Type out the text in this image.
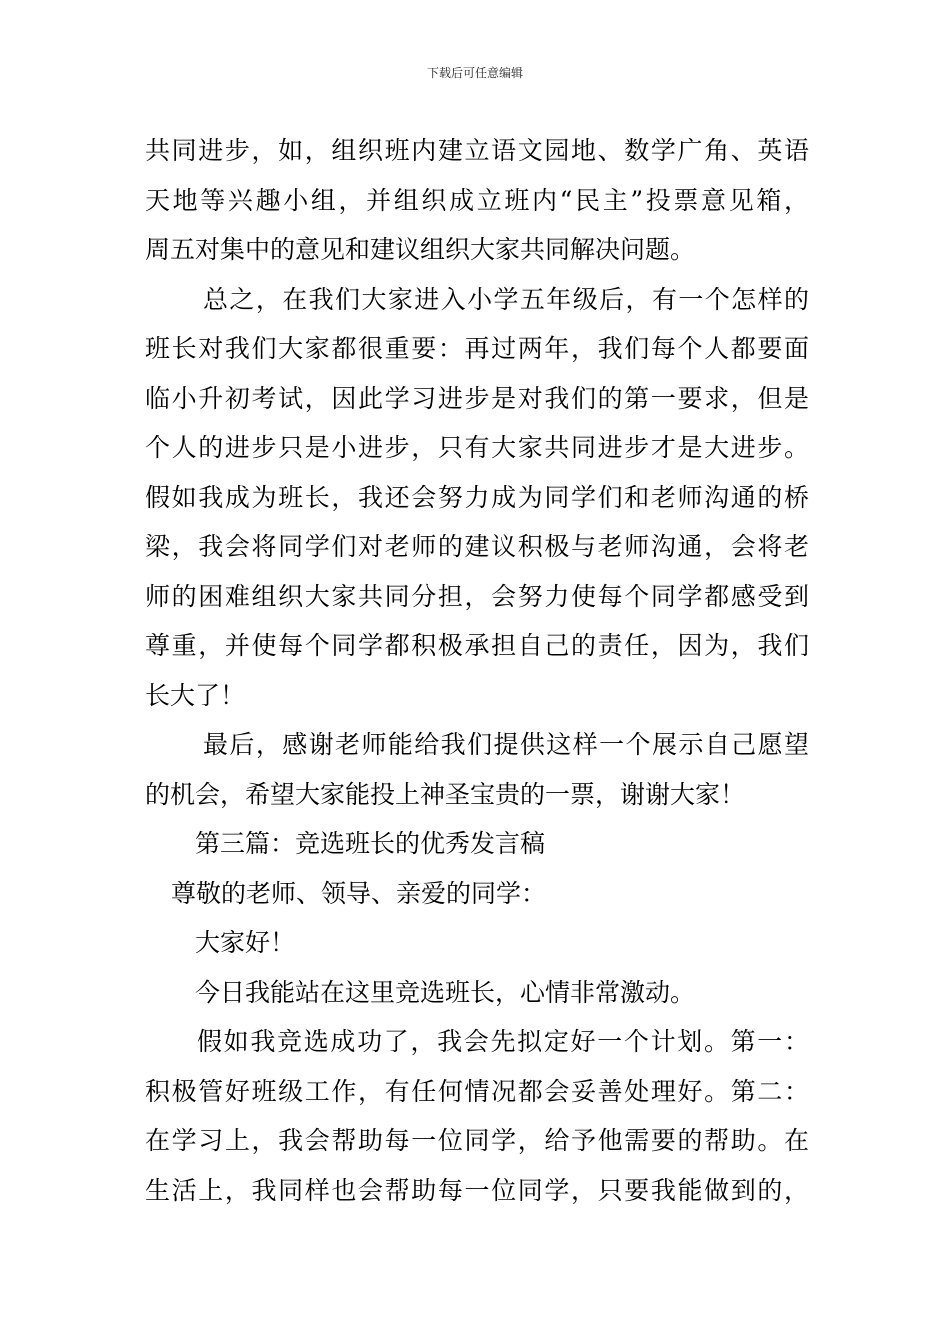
下载后可任意编辑
共同进步，如，组织班内建立语文园地、数学广角、英语
天地等兴趣小组，并组织成立班内“民主”投票意见箱，
周五对集中的意见和建议组织大家共同解决问题。
总之，在我们大家进入小学五年级后，有一个怎样的
班长对我们大家都很重要：再过两年，我们每个人都要面
临小升初考试，因此学习进步是对我们的第一要求，但是
个人的进步只是小进步，只有大家共同进步才是大进步。
假如我成为班长，我还会努力成为同学们和老师沟通的桥
梁，我会将同学们对老师的建议积极与老师沟通，会将老
师的困难组织大家共同分担，会努力使每个同学都感受到
尊重，并使每个同学都积极承担自己的责任，因为，我们
长大了！
最后，感谢老师能给我们提供这样一个展示自己愿望
的机会，希望大家能投上神圣宝贵的一票，谢谢大家！
第三篇：竞选班长的优秀发言稿
尊敬的老师、领导、亲爱的同学：
大家好！
今日我能站在这里竞选班长，心情非常激动。
假如我竞选成功了，我会先拟定好一个计划。第一：
积极管好班级工作，有任何情况都会妥善处理好。第二：
在学习上，我会帮助每一位同学，给予他需要的帮助。在
生活上，我同样也会帮助每一位同学，只要我能做到的，
